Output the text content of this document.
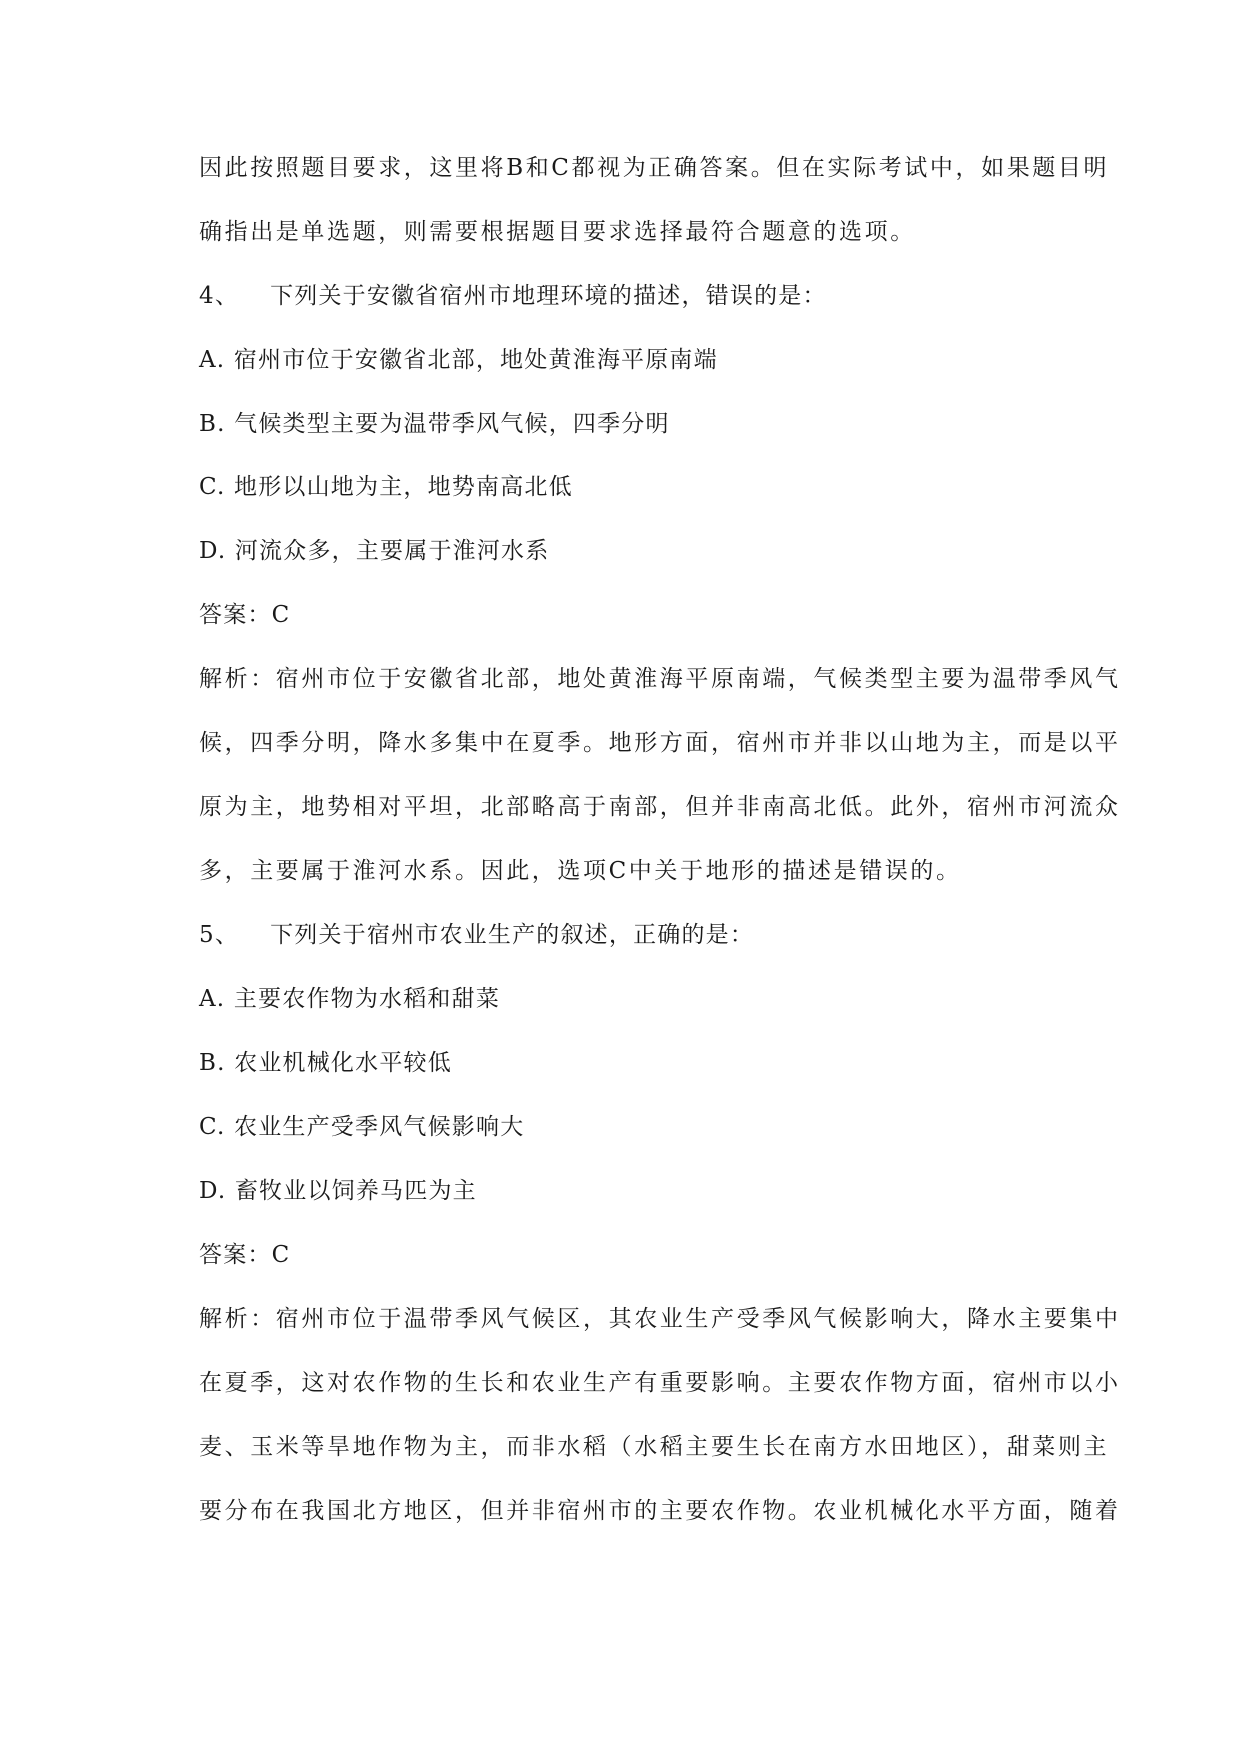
因此按照题目要求，这里将B和C都视为正确答案。但在实际考试中，如果题目明
确指出是单选题，则需要根据题目要求选择最符合题意的选项。
4、 下列关于安徽省宿州市地理环境的描述，错误的是：
A. 宿州市位于安徽省北部，地处黄淮海平原南端
B. 气候类型主要为温带季风气候，四季分明
C. 地形以山地为主，地势南高北低
D. 河流众多，主要属于淮河水系
答案：C
解析：宿州市位于安徽省北部，地处黄淮海平原南端，气候类型主要为温带季风气
候，四季分明，降水多集中在夏季。地形方面，宿州市并非以山地为主，而是以平
原为主，地势相对平坦，北部略高于南部，但并非南高北低。此外，宿州市河流众
多，主要属于淮河水系。因此，选项C中关于地形的描述是错误的。
5、 下列关于宿州市农业生产的叙述，正确的是：
A. 主要农作物为水稻和甜菜
B. 农业机械化水平较低
C. 农业生产受季风气候影响大
D. 畜牧业以饲养马匹为主
答案：C
解析：宿州市位于温带季风气候区，其农业生产受季风气候影响大，降水主要集中
在夏季，这对农作物的生长和农业生产有重要影响。主要农作物方面，宿州市以小
麦、玉米等旱地作物为主，而非水稻（水稻主要生长在南方水田地区），甜菜则主
要分布在我国北方地区，但并非宿州市的主要农作物。农业机械化水平方面，随着
